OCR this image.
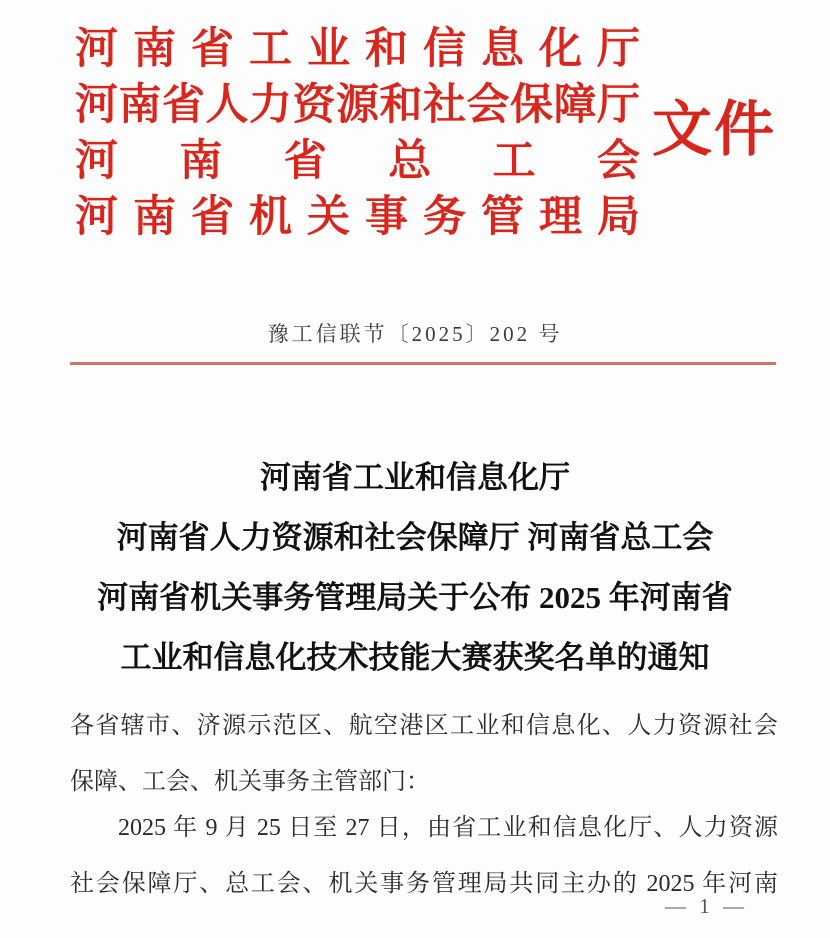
河南省工业和信息化厅
河南省人力资源和社会保障厅
河南省总工会
河南省机关事务管理局
文件
豫工信联节〔2025〕202 号
河南省工业和信息化厅
河南省人力资源和社会保障厅 河南省总工会
河南省机关事务管理局关于公布 2025 年河南省
工业和信息化技术技能大赛获奖名单的通知
各省辖市、济源示范区、航空港区工业和信息化、人力资源社会
保障、工会、机关事务主管部门：
2025 年 9 月 25 日至 27 日，由省工业和信息化厅、人力资源
社会保障厅、总工会、机关事务管理局共同主办的 2025 年河南
— 1 —
